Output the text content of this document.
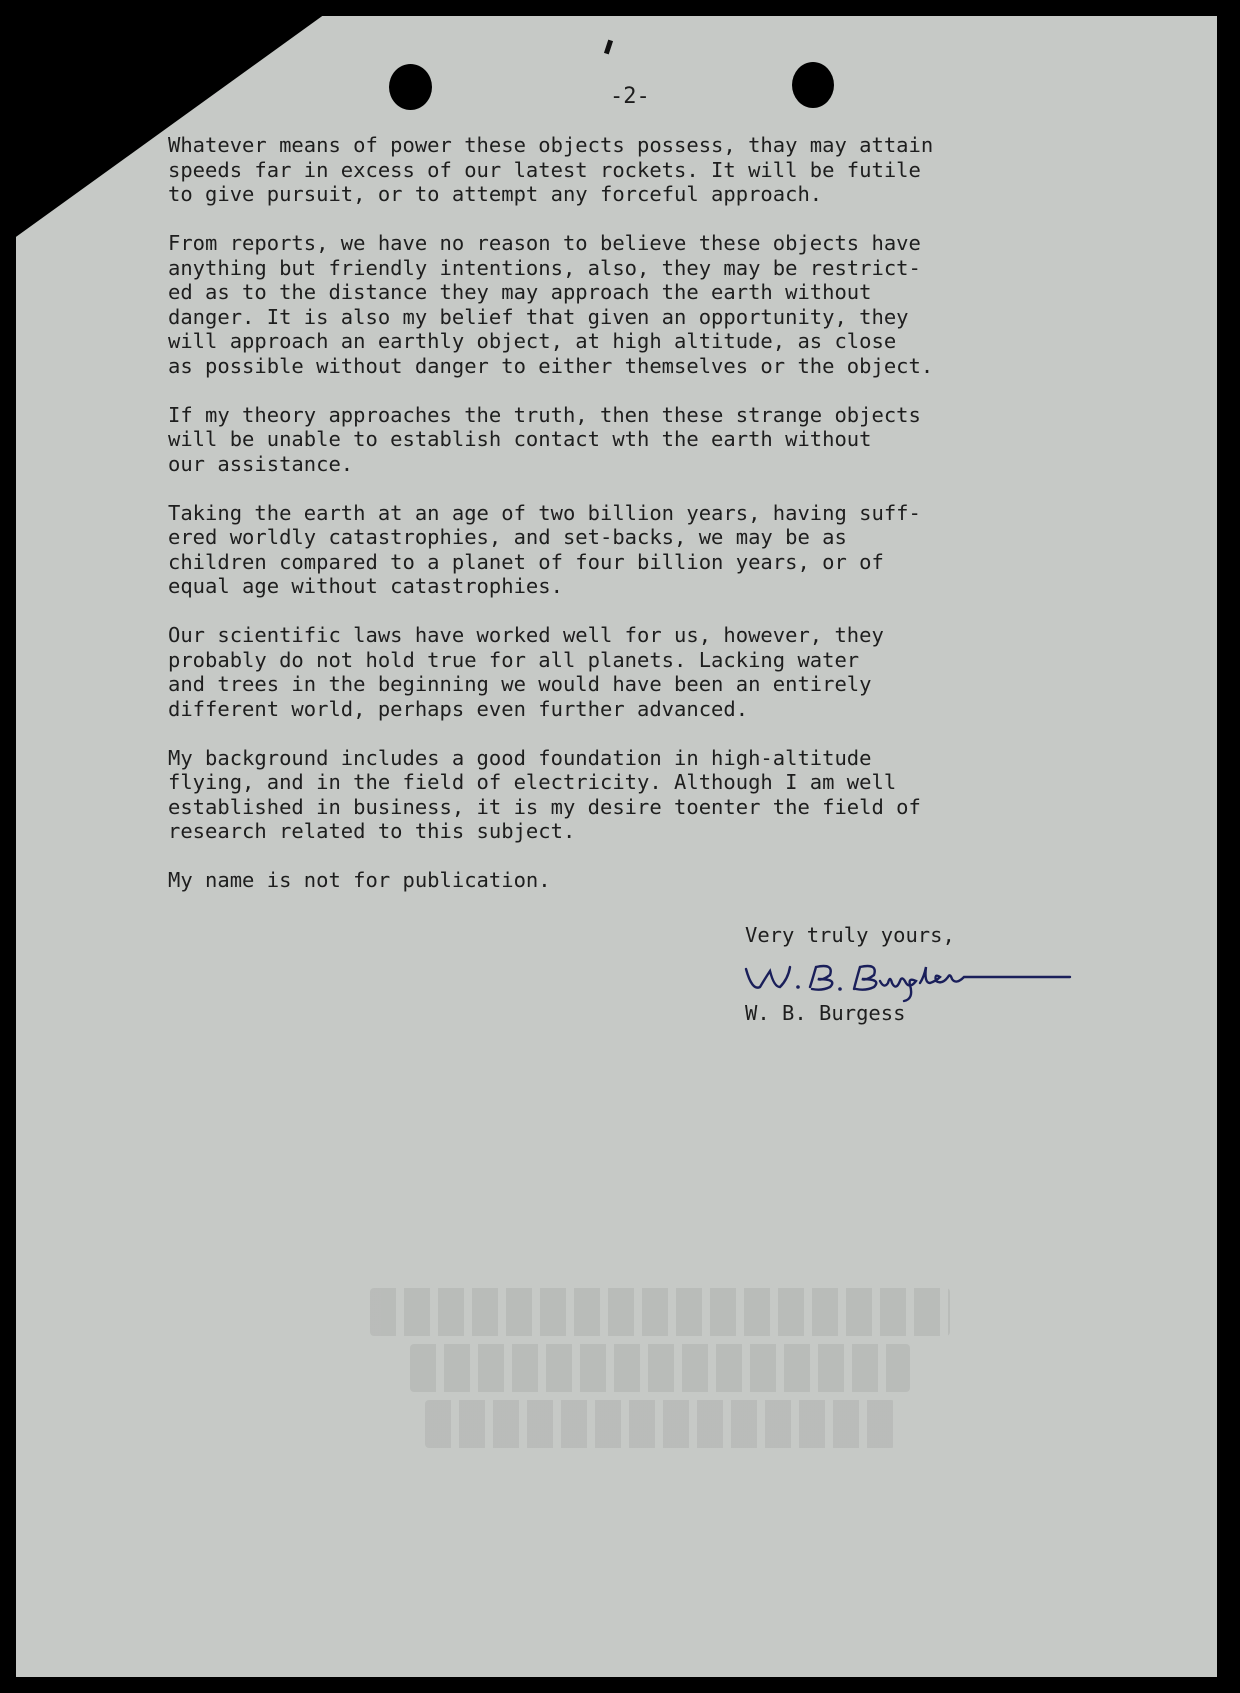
-2-

Whatever means of power these objects possess, thay may attain
speeds far in excess of our latest rockets. It will be futile
to give pursuit, or to attempt any forceful approach.

From reports, we have no reason to believe these objects have
anything but friendly intentions, also, they may be restrict-
ed as to the distance they may approach the earth without
danger. It is also my belief that given an opportunity, they
will approach an earthly object, at high altitude, as close
as possible without danger to either themselves or the object.

If my theory approaches the truth, then these strange objects
will be unable to establish contact wth the earth without
our assistance.

Taking the earth at an age of two billion years, having suff-
ered worldly catastrophies, and set-backs, we may be as
children compared to a planet of four billion years, or of
equal age without catastrophies.

Our scientific laws have worked well for us, however, they
probably do not hold true for all planets. Lacking water
and trees in the beginning we would have been an entirely
different world, perhaps even further advanced.

My background includes a good foundation in high-altitude
flying, and in the field of electricity. Although I am well
established in business, it is my desire toenter the field of
research related to this subject.

My name is not for publication.

Very truly yours,
W. B. Burgess
